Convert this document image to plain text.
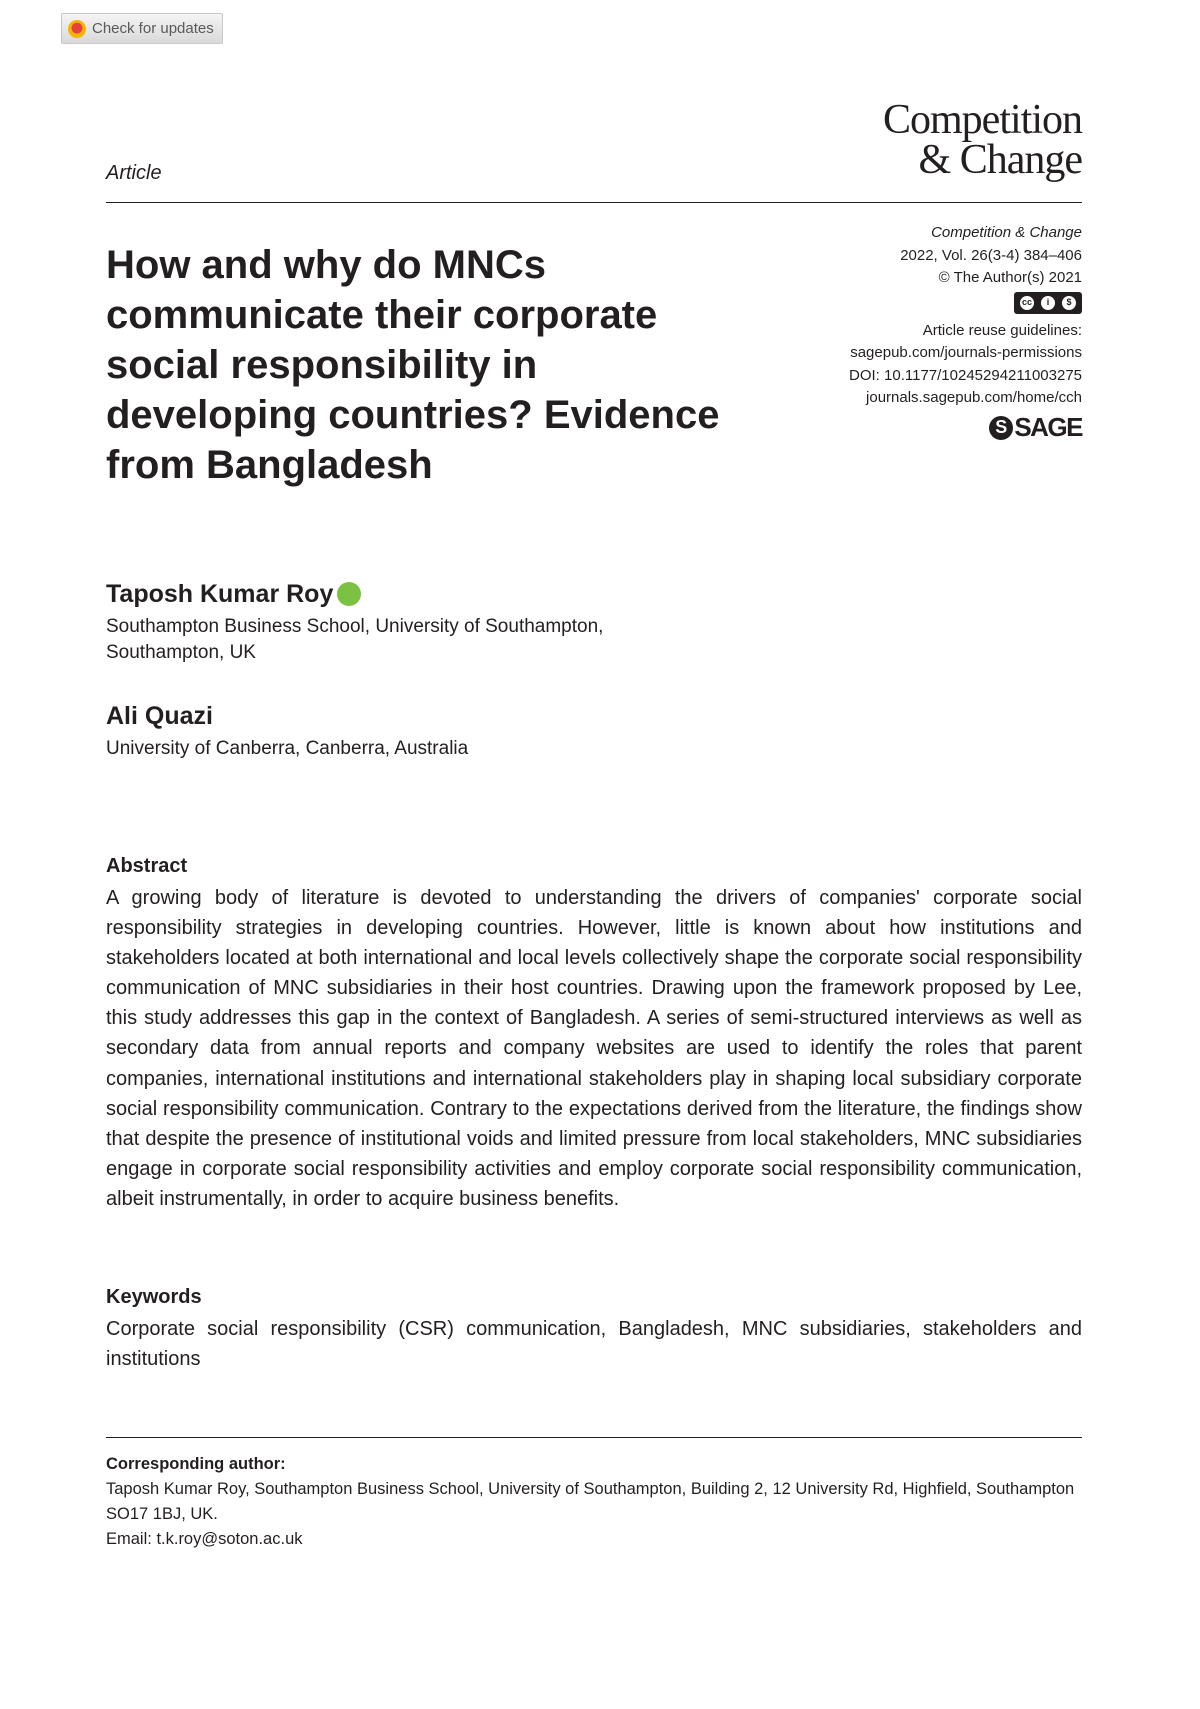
Check for updates
Competition
& Change
Article
Competition & Change
2022, Vol. 26(3-4) 384–406
© The Author(s) 2021
cc	i	$
Article reuse guidelines:
sagepub.com/journals-permissions
DOI: 10.1177/10245294211003275
journals.sagepub.com/home/cch
S SAGE
How and why do MNCs communicate their corporate social responsibility in developing countries? Evidence from Bangladesh
Taposh Kumar Roy
Southampton Business School, University of Southampton, Southampton, UK
Ali Quazi
University of Canberra, Canberra, Australia
Abstract

A growing body of literature is devoted to understanding the drivers of companies' corporate social responsibility strategies in developing countries. However, little is known about how institutions and stakeholders located at both international and local levels collectively shape the corporate social responsibility communication of MNC subsidiaries in their host countries. Drawing upon the framework proposed by Lee, this study addresses this gap in the context of Bangladesh. A series of semi-structured interviews as well as secondary data from annual reports and company websites are used to identify the roles that parent companies, international institutions and international stakeholders play in shaping local subsidiary corporate social responsibility communication. Contrary to the expectations derived from the literature, the findings show that despite the presence of institutional voids and limited pressure from local stakeholders, MNC subsidiaries engage in corporate social responsibility activities and employ corporate social responsibility communication, albeit instrumentally, in order to acquire business benefits.

Keywords

Corporate social responsibility (CSR) communication, Bangladesh, MNC subsidiaries, stakeholders and institutions

Corresponding author:
Taposh Kumar Roy, Southampton Business School, University of Southampton, Building 2, 12 University Rd, Highfield, Southampton SO17 1BJ, UK.
Email: t.k.roy@soton.ac.uk
